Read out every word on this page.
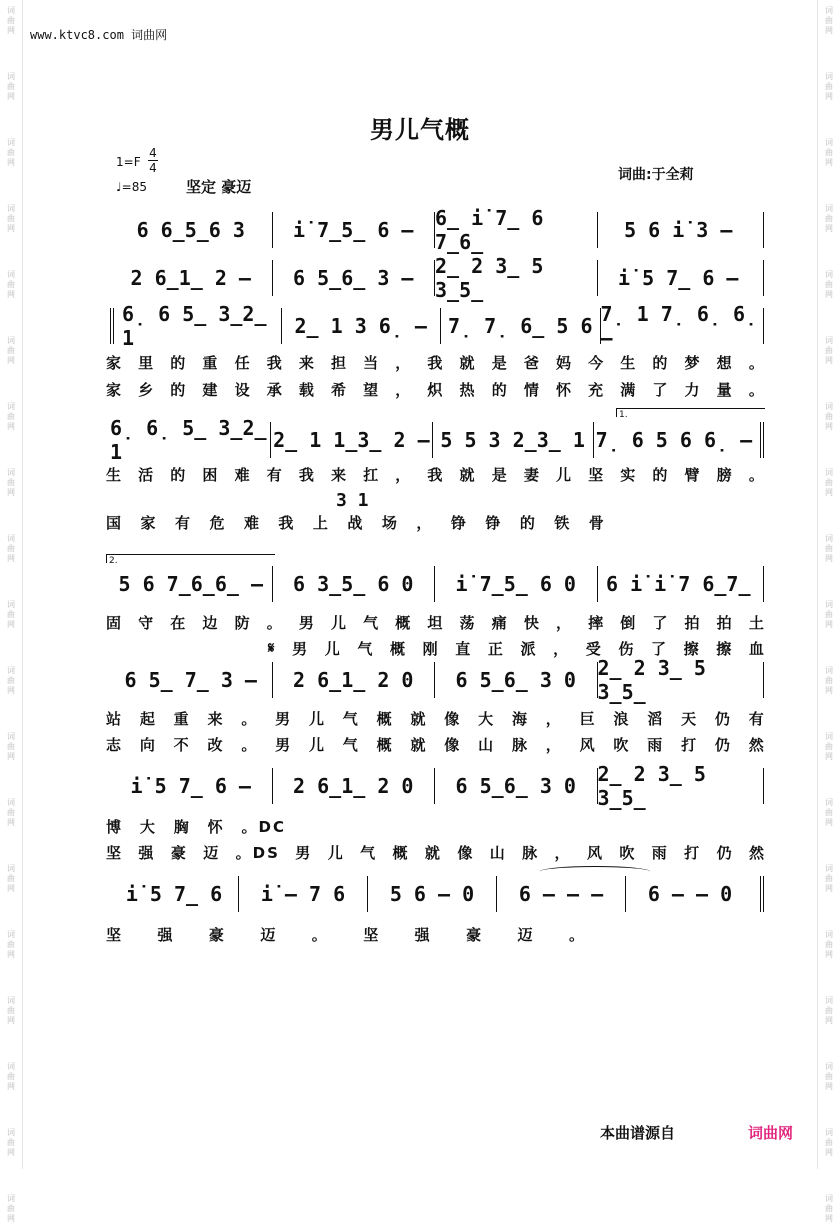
词
曲
网
词
曲
网
词
曲
网
词
曲
网
词
曲
网
词
曲
网
词
曲
网
词
曲
网
词
曲
网
词
曲
网
词
曲
网
词
曲
网
词
曲
网
词
曲
网
词
曲
网
词
曲
网
词
曲
网
词
曲
网
词
曲
网
词
曲
网
词
曲
网
词
曲
网
词
曲
网
词
曲
网
词
曲
网
词
曲
网
词
曲
网
词
曲
网
词
曲
网
词
曲
网
词
曲
网
词
曲
网
词
曲
网
词
曲
网
词
曲
网
词
曲
网
词
曲
网
词
曲
网
www.ktvc8.com 词曲网
男儿气概
1=F
4
4
♩=85	坚定 豪迈
词曲:于全莉
6 6̲5̲6 3	i̇ 7̲5̲ 6 –	6̲ i̇ 7̲ 6 7̲6̲	5 6 i̇ 3 –
2 6̲1̲ 2 –	6 5̲6̲ 3 –	2̲ 2 3̲ 5 3̲5̲	i̇ 5 7̲ 6 –
6̣ 6 5̲ 3̲2̲ 1	2̲ 1 3 6̣ –	7̣ 7̣ 6̲ 5 6 7̣ 1 7̣ 6̣ 6̣ –
家 里 的 重 任 我 来 担 当 ， 我 就 是 爸 妈 今 生 的 梦 想 。
家 乡 的 建 设 承 载 希 望 ， 炽 热 的 情 怀 充 满 了 力 量 。
1.
6̣ 6̣ 5̲ 3̲2̲ 1	2̲ 1 1̲3̲ 2 – 5 5 3 2̲3̲ 1 7̣ 6 5 6 6̣ –
生 活 的 困 难 有 我 来 扛 ， 我 就 是 妻 儿 坚 实 的 臂 膀 。
3 1
国 家 有 危 难 我 上 战 场 ， 铮 铮 的 铁 骨
2.
5 6 7̲6̲6̲ –	6 3̲5̲ 6 0	i̇ 7̲5̲ 6 0	6 i̇ i̇ 7 6̲7̲
固 守 在 边 防 。 男 儿 气 概 坦 荡 痛 快 ， 摔 倒 了 拍 拍 土
𝄋 男 儿 气 概 刚 直 正 派 ， 受 伤 了 擦 擦 血
6 5̲ 7̲ 3 –	2 6̲1̲ 2 0	6 5̲6̲ 3 0	2̲ 2 3̲ 5 3̲5̲
站 起 重 来 。 男 儿 气 概 就 像 大 海 ， 巨 浪 滔 天 仍 有
志 向 不 改 。 男 儿 气 概 就 像 山 脉 ， 风 吹 雨 打 仍 然
i̇ 5 7̲ 6 –	2 6̲1̲ 2 0	6 5̲6̲ 3 0	2̲ 2 3̲ 5 3̲5̲
博 大 胸 怀 。DC
坚 强 豪 迈 。DS 男 儿 气 概 就 像 山 脉 ， 风 吹 雨 打 仍 然
i̇ 5 7̲ 6	i̇ – 7 6	5 6 – 0	6 – – –	6 – – 0
坚 强 豪 迈 。 坚 强 豪 迈 。
本曲谱源自	词曲网
